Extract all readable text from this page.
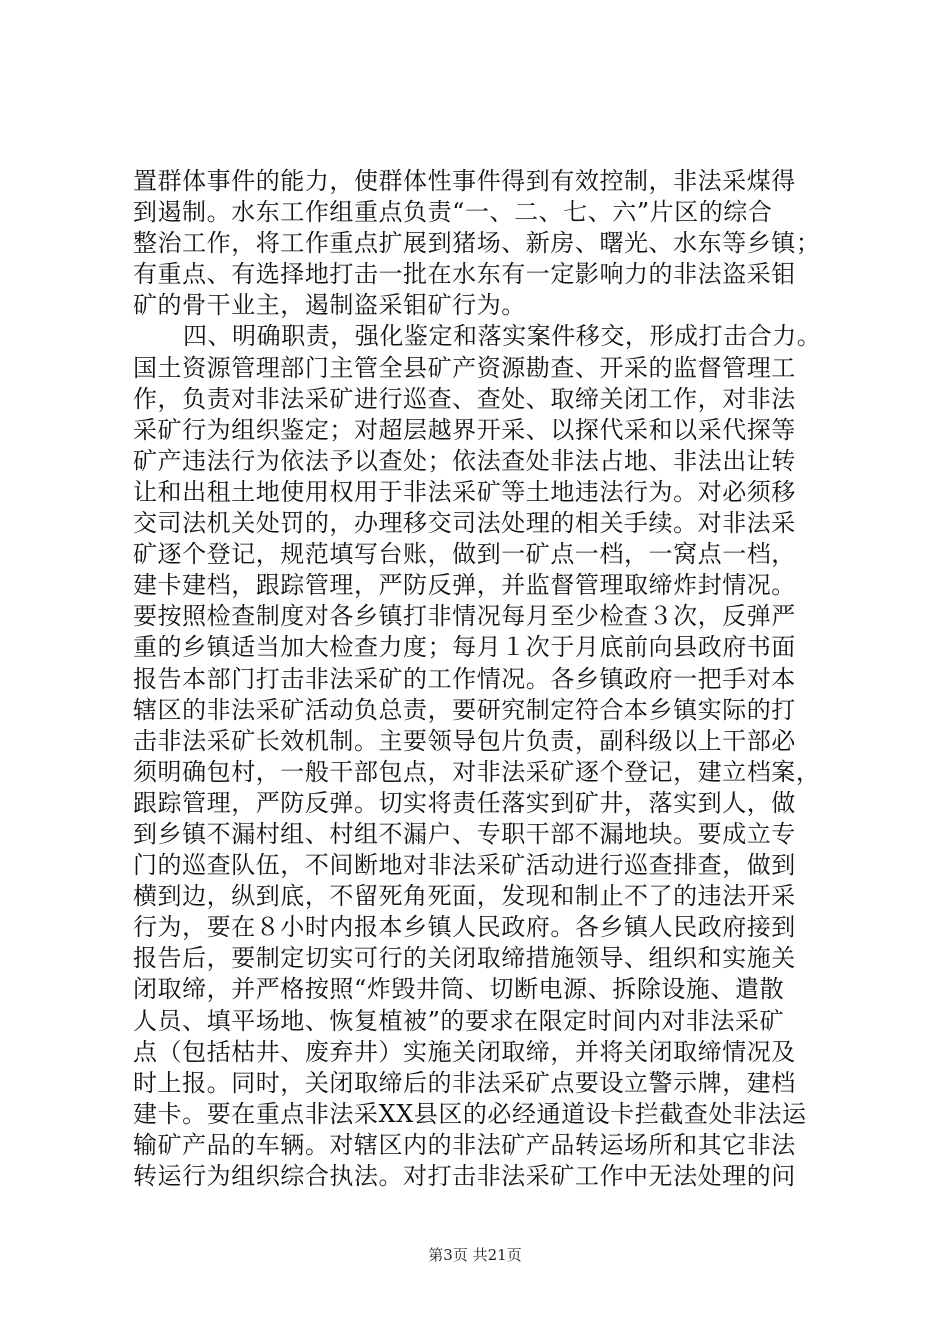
置群体事件的能力，使群体性事件得到有效控制，非法采煤得
到遏制。水东工作组重点负责“一、二、七、六”片区的综合
整治工作，将工作重点扩展到猪场、新房、曙光、水东等乡镇；
有重点、有选择地打击一批在水东有一定影响力的非法盗采钼
矿的骨干业主，遏制盗采钼矿行为。
四、明确职责，强化鉴定和落实案件移交，形成打击合力。
国土资源管理部门主管全县矿产资源勘查、开采的监督管理工
作，负责对非法采矿进行巡查、查处、取缔关闭工作，对非法
采矿行为组织鉴定；对超层越界开采、以探代采和以采代探等
矿产违法行为依法予以查处；依法查处非法占地、非法出让转
让和出租土地使用权用于非法采矿等土地违法行为。对必须移
交司法机关处罚的，办理移交司法处理的相关手续。对非法采
矿逐个登记，规范填写台账，做到一矿点一档，一窝点一档，
建卡建档，跟踪管理，严防反弹，并监督管理取缔炸封情况。
要按照检查制度对各乡镇打非情况每月至少检查３次，反弹严
重的乡镇适当加大检查力度；每月１次于月底前向县政府书面
报告本部门打击非法采矿的工作情况。各乡镇政府一把手对本
辖区的非法采矿活动负总责，要研究制定符合本乡镇实际的打
击非法采矿长效机制。主要领导包片负责，副科级以上干部必
须明确包村，一般干部包点，对非法采矿逐个登记，建立档案，
跟踪管理，严防反弹。切实将责任落实到矿井，落实到人，做
到乡镇不漏村组、村组不漏户、专职干部不漏地块。要成立专
门的巡查队伍，不间断地对非法采矿活动进行巡查排查，做到
横到边，纵到底，不留死角死面，发现和制止不了的违法开采
行为，要在８小时内报本乡镇人民政府。各乡镇人民政府接到
报告后，要制定切实可行的关闭取缔措施领导、组织和实施关
闭取缔，并严格按照“炸毁井筒、切断电源、拆除设施、遣散
人员、填平场地、恢复植被”的要求在限定时间内对非法采矿
点（包括枯井、废弃井）实施关闭取缔，并将关闭取缔情况及
时上报。同时，关闭取缔后的非法采矿点要设立警示牌，建档
建卡。要在重点非法采XX县区的必经通道设卡拦截查处非法运
输矿产品的车辆。对辖区内的非法矿产品转运场所和其它非法
转运行为组织综合执法。对打击非法采矿工作中无法处理的问
第3页 共21页
